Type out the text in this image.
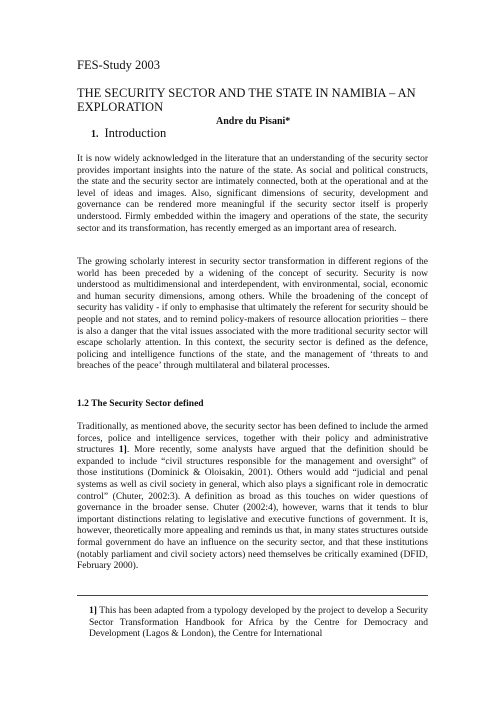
FES-Study 2003
THE SECURITY SECTOR AND THE STATE IN NAMIBIA – AN EXPLORATION
Andre du Pisani*
1. Introduction

It is now widely acknowledged in the literature that an understanding of the security sector provides important insights into the nature of the state. As social and political constructs, the state and the security sector are intimately connected, both at the operational and at the level of ideas and images. Also, significant dimensions of security, development and governance can be rendered more meaningful if the security sector itself is properly understood. Firmly embedded within the imagery and operations of the state, the security sector and its transformation, has recently emerged as an important area of research.

The growing scholarly interest in security sector transformation in different regions of the world has been preceded by a widening of the concept of security. Security is now understood as multidimensional and interdependent, with environmental, social, economic and human security dimensions, among others. While the broadening of the concept of security has validity - if only to emphasise that ultimately the referent for security should be people and not states, and to remind policy-makers of resource allocation priorities – there is also a danger that the vital issues associated with the more traditional security sector will escape scholarly attention. In this context, the security sector is defined as the defence, policing and intelligence functions of the state, and the management of ‘threats to and breaches of the peace’ through multilateral and bilateral processes.

1.2 The Security Sector defined

Traditionally, as mentioned above, the security sector has been defined to include the armed forces, police and intelligence services, together with their policy and administrative structures 1]. More recently, some analysts have argued that the definition should be expanded to include “civil structures responsible for the management and oversight” of those institutions (Dominick & Oloisakin, 2001). Others would add “judicial and penal systems as well as civil society in general, which also plays a significant role in democratic control” (Chuter, 2002:3). A definition as broad as this touches on wider questions of governance in the broader sense. Chuter (2002:4), however, warns that it tends to blur important distinctions relating to legislative and executive functions of government. It is, however, theoretically more appealing and reminds us that, in many states structures outside formal government do have an influence on the security sector, and that these institutions (notably parliament and civil society actors) need themselves be critically examined (DFID, February 2000).

1] This has been adapted from a typology developed by the project to develop a Security Sector Transformation Handbook for Africa by the Centre for Democracy and Development (Lagos & London), the Centre for International
